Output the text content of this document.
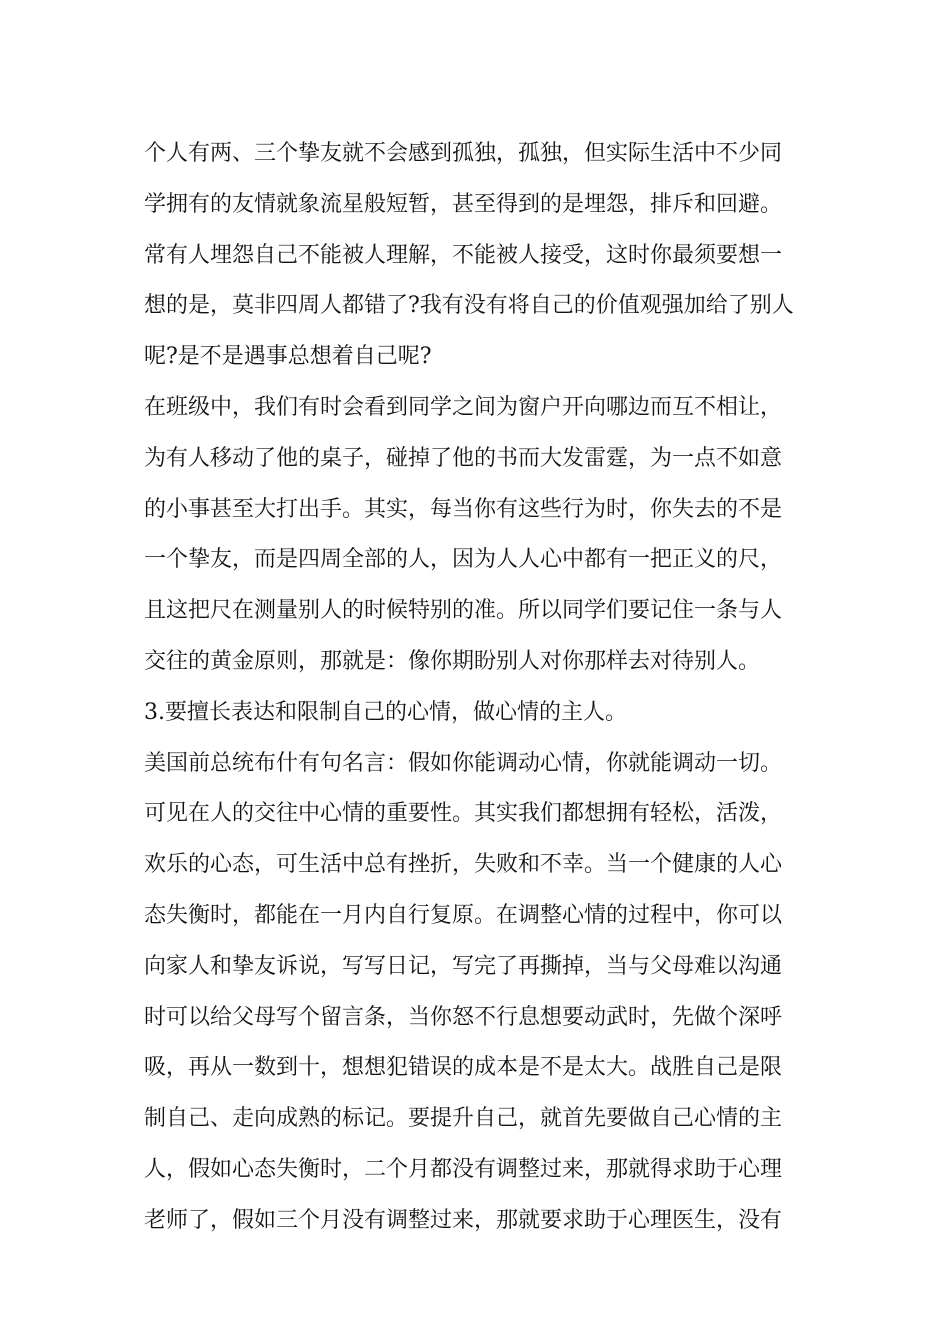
个人有两、三个挚友就不会感到孤独，孤独，但实际生活中不少同
学拥有的友情就象流星般短暂，甚至得到的是埋怨，排斥和回避。
常有人埋怨自己不能被人理解，不能被人接受，这时你最须要想一
想的是，莫非四周人都错了?我有没有将自己的价值观强加给了别人
呢?是不是遇事总想着自己呢?
在班级中，我们有时会看到同学之间为窗户开向哪边而互不相让，
为有人移动了他的桌子，碰掉了他的书而大发雷霆，为一点不如意
的小事甚至大打出手。其实，每当你有这些行为时，你失去的不是
一个挚友，而是四周全部的人，因为人人心中都有一把正义的尺，
且这把尺在测量别人的时候特别的准。所以同学们要记住一条与人
交往的黄金原则，那就是：像你期盼别人对你那样去对待别人。
3.要擅长表达和限制自己的心情，做心情的主人。
美国前总统布什有句名言：假如你能调动心情，你就能调动一切。
可见在人的交往中心情的重要性。其实我们都想拥有轻松，活泼，
欢乐的心态，可生活中总有挫折，失败和不幸。当一个健康的人心
态失衡时，都能在一月内自行复原。在调整心情的过程中，你可以
向家人和挚友诉说，写写日记，写完了再撕掉，当与父母难以沟通
时可以给父母写个留言条，当你怒不行息想要动武时，先做个深呼
吸，再从一数到十，想想犯错误的成本是不是太大。战胜自己是限
制自己、走向成熟的标记。要提升自己，就首先要做自己心情的主
人，假如心态失衡时，二个月都没有调整过来，那就得求助于心理
老师了，假如三个月没有调整过来，那就要求助于心理医生，没有
